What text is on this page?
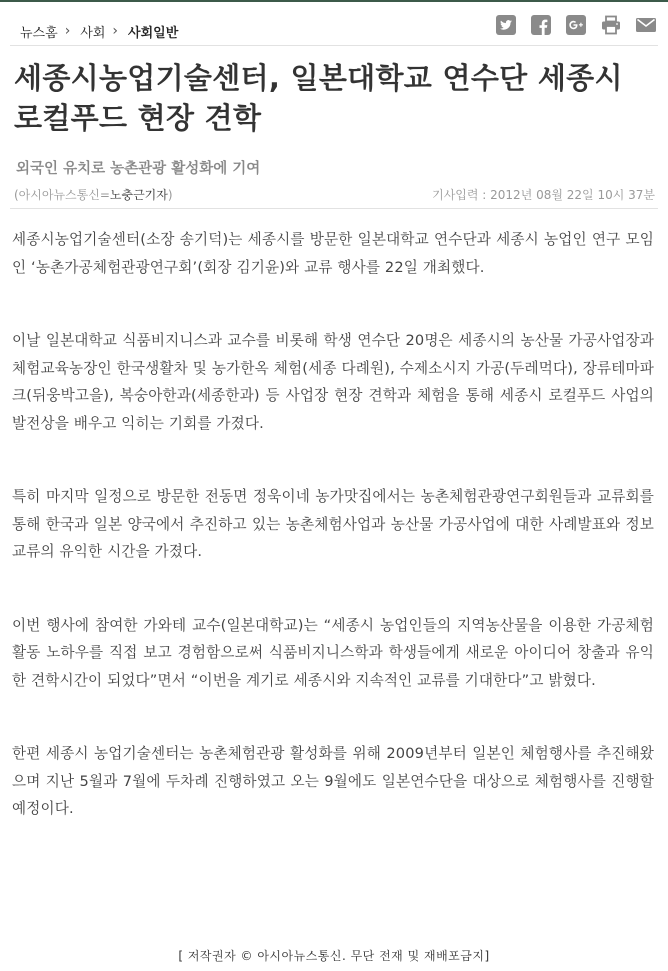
뉴스홈 › 사회 › 사회일반
세종시농업기술센터, 일본대학교 연수단 세종시 로컬푸드 현장 견학
외국인 유치로 농촌관광 활성화에 기여
(아시아뉴스통신=노충근기자)	기사입력 : 2012년 08월 22일 10시 37분

세종시농업기술센터(소장 송기덕)는 세종시를 방문한 일본대학교 연수단과 세종시 농업인 연구 모임인 ‘농촌가공체험관광연구회’(회장 김기윤)와 교류 행사를 22일 개최했다.

이날 일본대학교 식품비지니스과 교수를 비롯해 학생 연수단 20명은 세종시의 농산물 가공사업장과 체험교육농장인 한국생활차 및 농가한옥 체험(세종 다례원), 수제소시지 가공(두레먹다), 장류테마파크(뒤웅박고을), 복숭아한과(세종한과) 등 사업장 현장 견학과 체험을 통해 세종시 로컬푸드 사업의 발전상을 배우고 익히는 기회를 가졌다.

특히 마지막 일정으로 방문한 전동면 정욱이네 농가맛집에서는 농촌체험관광연구회원들과 교류회를 통해 한국과 일본 양국에서 추진하고 있는 농촌체험사업과 농산물 가공사업에 대한 사례발표와 정보교류의 유익한 시간을 가졌다.

이번 행사에 참여한 가와테 교수(일본대학교)는 “세종시 농업인들의 지역농산물을 이용한 가공체험 활동 노하우를 직접 보고 경험함으로써 식품비지니스학과 학생들에게 새로운 아이디어 창출과 유익한 견학시간이 되었다”면서 “이번을 계기로 세종시와 지속적인 교류를 기대한다”고 밝혔다.

한편 세종시 농업기술센터는 농촌체험관광 활성화를 위해 2009년부터 일본인 체험행사를 추진해왔으며 지난 5월과 7월에 두차례 진행하였고 오는 9월에도 일본연수단을 대상으로 체험행사를 진행할 예정이다.

[ 저작권자 © 아시아뉴스통신. 무단 전재 및 재배포금지]
